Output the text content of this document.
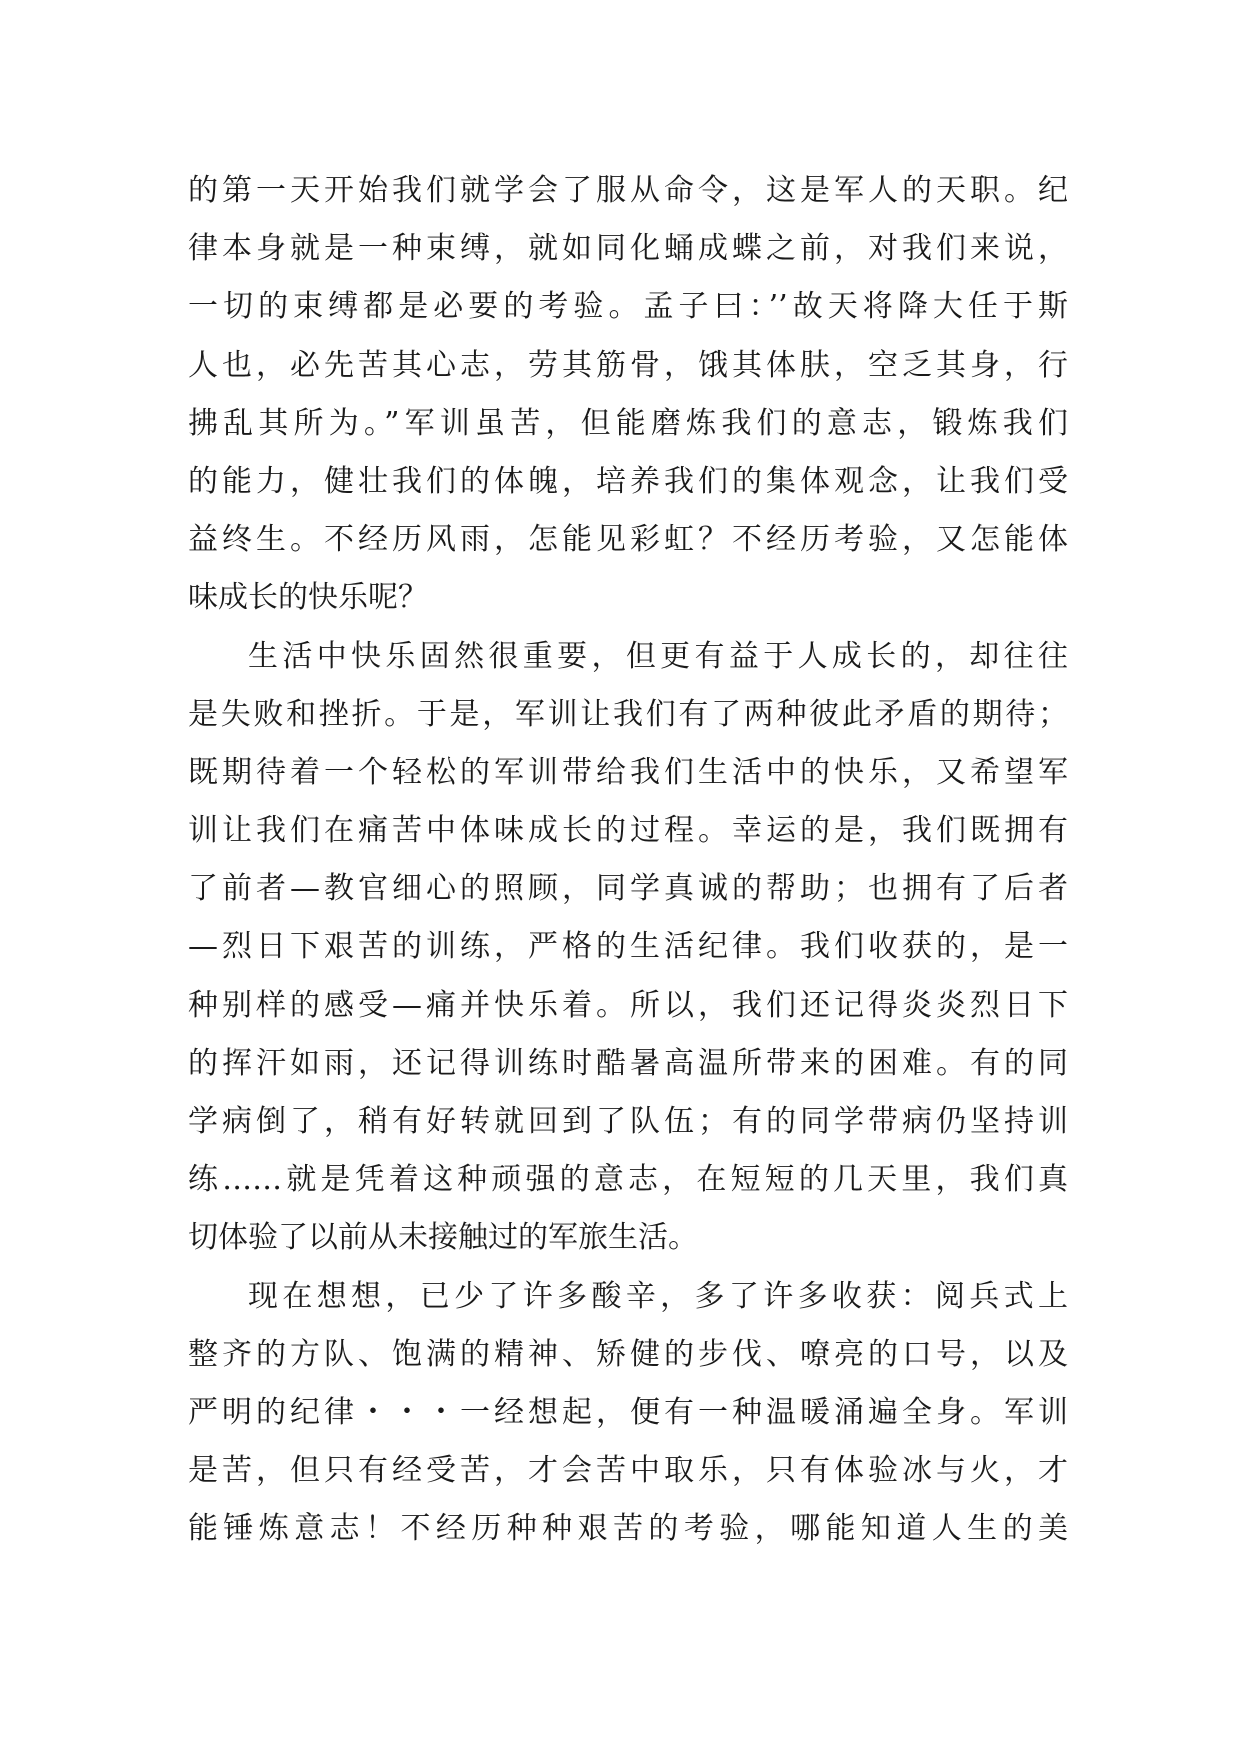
的第一天开始我们就学会了服从命令，这是军人的天职。纪
律本身就是一种束缚，就如同化蛹成蝶之前，对我们来说，
一切的束缚都是必要的考验。孟子曰：’’故天将降大任于斯
人也，必先苦其心志，劳其筋骨，饿其体肤，空乏其身，行
拂乱其所为。”军训虽苦，但能磨炼我们的意志，锻炼我们
的能力，健壮我们的体魄，培养我们的集体观念，让我们受
益终生。不经历风雨，怎能见彩虹？不经历考验，又怎能体
味成长的快乐呢？
生活中快乐固然很重要，但更有益于人成长的，却往往
是失败和挫折。于是，军训让我们有了两种彼此矛盾的期待；
既期待着一个轻松的军训带给我们生活中的快乐，又希望军
训让我们在痛苦中体味成长的过程。幸运的是，我们既拥有
了前者—教官细心的照顾，同学真诚的帮助；也拥有了后者
—烈日下艰苦的训练，严格的生活纪律。我们收获的，是一
种别样的感受—痛并快乐着。所以，我们还记得炎炎烈日下
的挥汗如雨，还记得训练时酷暑高温所带来的困难。有的同
学病倒了，稍有好转就回到了队伍；有的同学带病仍坚持训
练……就是凭着这种顽强的意志，在短短的几天里，我们真
切体验了以前从未接触过的军旅生活。
现在想想，已少了许多酸辛，多了许多收获：阅兵式上
整齐的方队、饱满的精神、矫健的步伐、嘹亮的口号，以及
严明的纪律・・・一经想起，便有一种温暖涌遍全身。军训
是苦，但只有经受苦，才会苦中取乐，只有体验冰与火，才
能锤炼意志！不经历种种艰苦的考验，哪能知道人生的美
